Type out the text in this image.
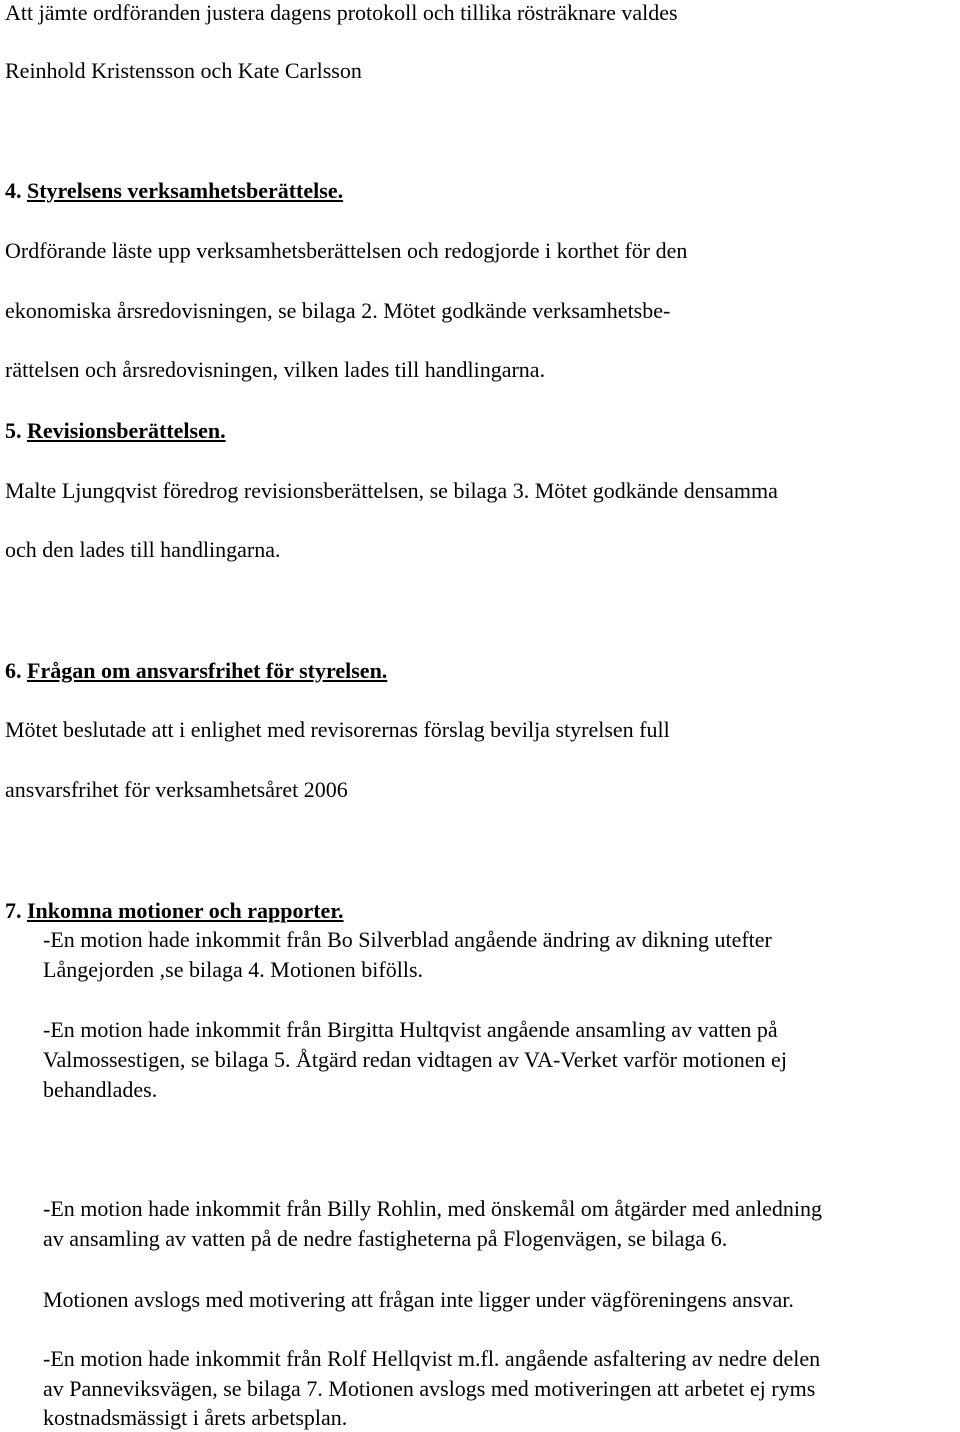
Att jämte ordföranden justera dagens protokoll och tillika rösträknare valdes

Reinhold Kristensson och Kate Carlsson

4. Styrelsens verksamhetsberättelse.

Ordförande läste upp verksamhetsberättelsen och redogjorde i korthet för den

ekonomiska årsredovisningen, se bilaga 2. Mötet godkände verksamhetsbe-

rättelsen och årsredovisningen, vilken lades till handlingarna.

5. Revisionsberättelsen.

Malte Ljungqvist föredrog revisionsberättelsen, se bilaga 3. Mötet godkände densamma

och den lades till handlingarna.

6. Frågan om ansvarsfrihet för styrelsen.

Mötet beslutade att i enlighet med revisorernas förslag bevilja styrelsen full

ansvarsfrihet för verksamhetsåret 2006

7. Inkomna motioner och rapporter.

-En motion hade inkommit från Bo Silverblad angående ändring av dikning utefter

Långejorden ,se bilaga 4. Motionen bifölls.

-En motion hade inkommit från Birgitta Hultqvist angående ansamling av vatten på

Valmossestigen, se bilaga 5. Åtgärd redan vidtagen av VA-Verket varför motionen ej

behandlades.

-En motion hade inkommit från Billy Rohlin, med önskemål om åtgärder med anledning

av ansamling av vatten på de nedre fastigheterna på Flogenvägen, se bilaga 6.

Motionen avslogs med motivering att frågan inte ligger under vägföreningens ansvar.

-En motion hade inkommit från Rolf Hellqvist m.fl. angående asfaltering av nedre delen

av Panneviksvägen, se bilaga 7. Motionen avslogs med motiveringen att arbetet ej ryms

kostnadsmässigt i årets arbetsplan.
